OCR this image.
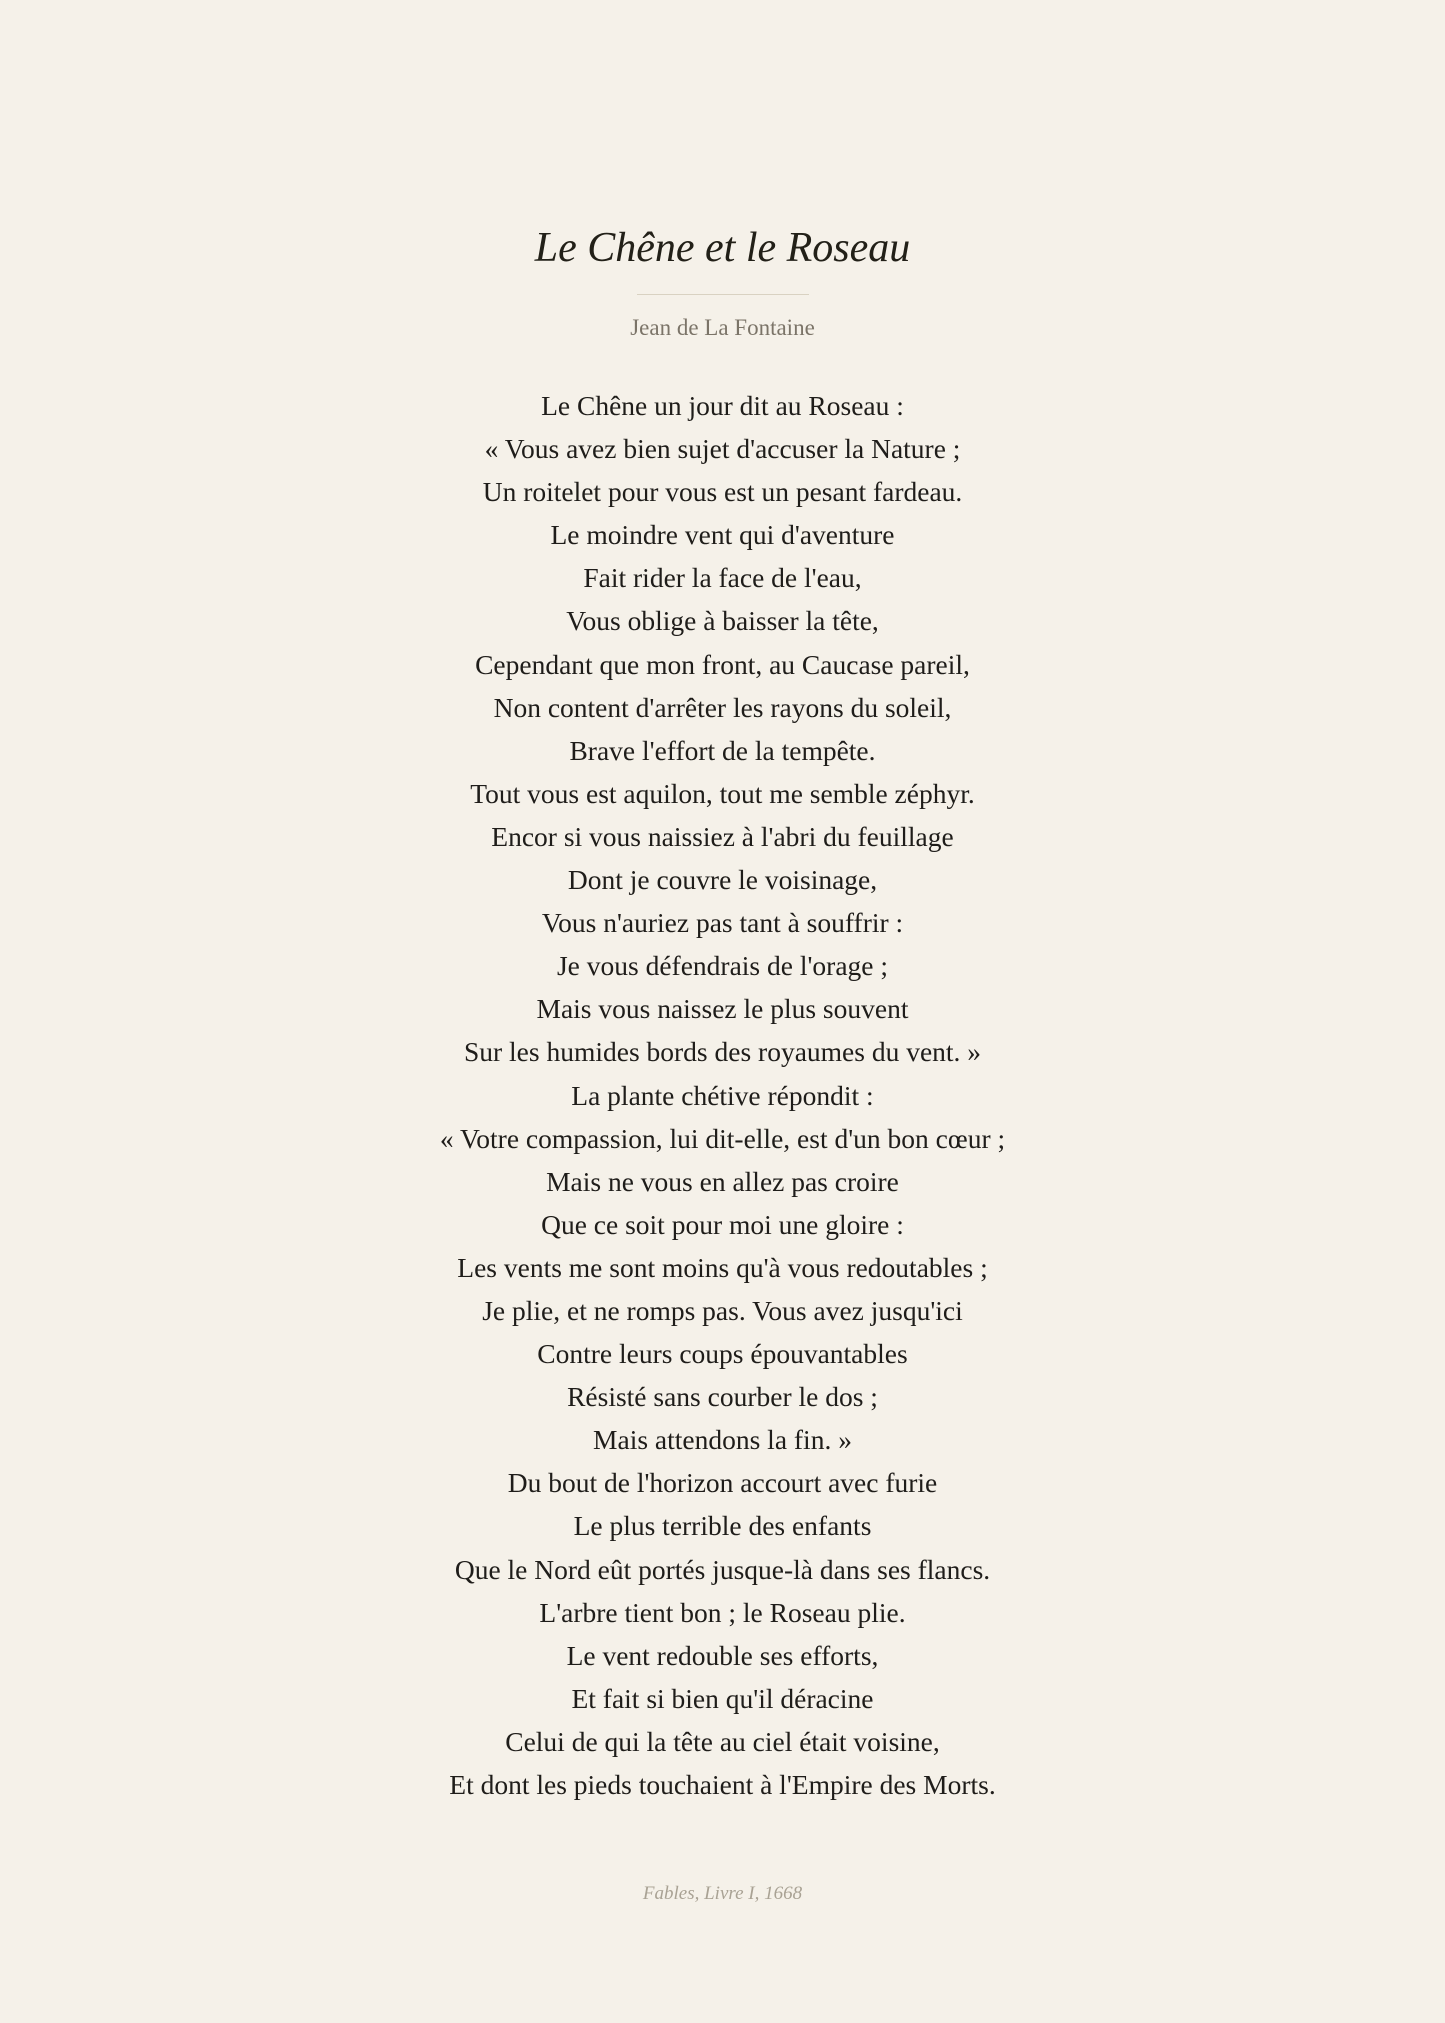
Le Chêne et le Roseau
Jean de La Fontaine
Le Chêne un jour dit au Roseau :
« Vous avez bien sujet d'accuser la Nature ;
Un roitelet pour vous est un pesant fardeau.
Le moindre vent qui d'aventure
Fait rider la face de l'eau,
Vous oblige à baisser la tête,
Cependant que mon front, au Caucase pareil,
Non content d'arrêter les rayons du soleil,
Brave l'effort de la tempête.
Tout vous est aquilon, tout me semble zéphyr.
Encor si vous naissiez à l'abri du feuillage
Dont je couvre le voisinage,
Vous n'auriez pas tant à souffrir :
Je vous défendrais de l'orage ;
Mais vous naissez le plus souvent
Sur les humides bords des royaumes du vent. »
La plante chétive répondit :
« Votre compassion, lui dit-elle, est d'un bon cœur ;
Mais ne vous en allez pas croire
Que ce soit pour moi une gloire :
Les vents me sont moins qu'à vous redoutables ;
Je plie, et ne romps pas. Vous avez jusqu'ici
Contre leurs coups épouvantables
Résisté sans courber le dos ;
Mais attendons la fin. »
Du bout de l'horizon accourt avec furie
Le plus terrible des enfants
Que le Nord eût portés jusque-là dans ses flancs.
L'arbre tient bon ; le Roseau plie.
Le vent redouble ses efforts,
Et fait si bien qu'il déracine
Celui de qui la tête au ciel était voisine,
Et dont les pieds touchaient à l'Empire des Morts.
Fables, Livre I, 1668
